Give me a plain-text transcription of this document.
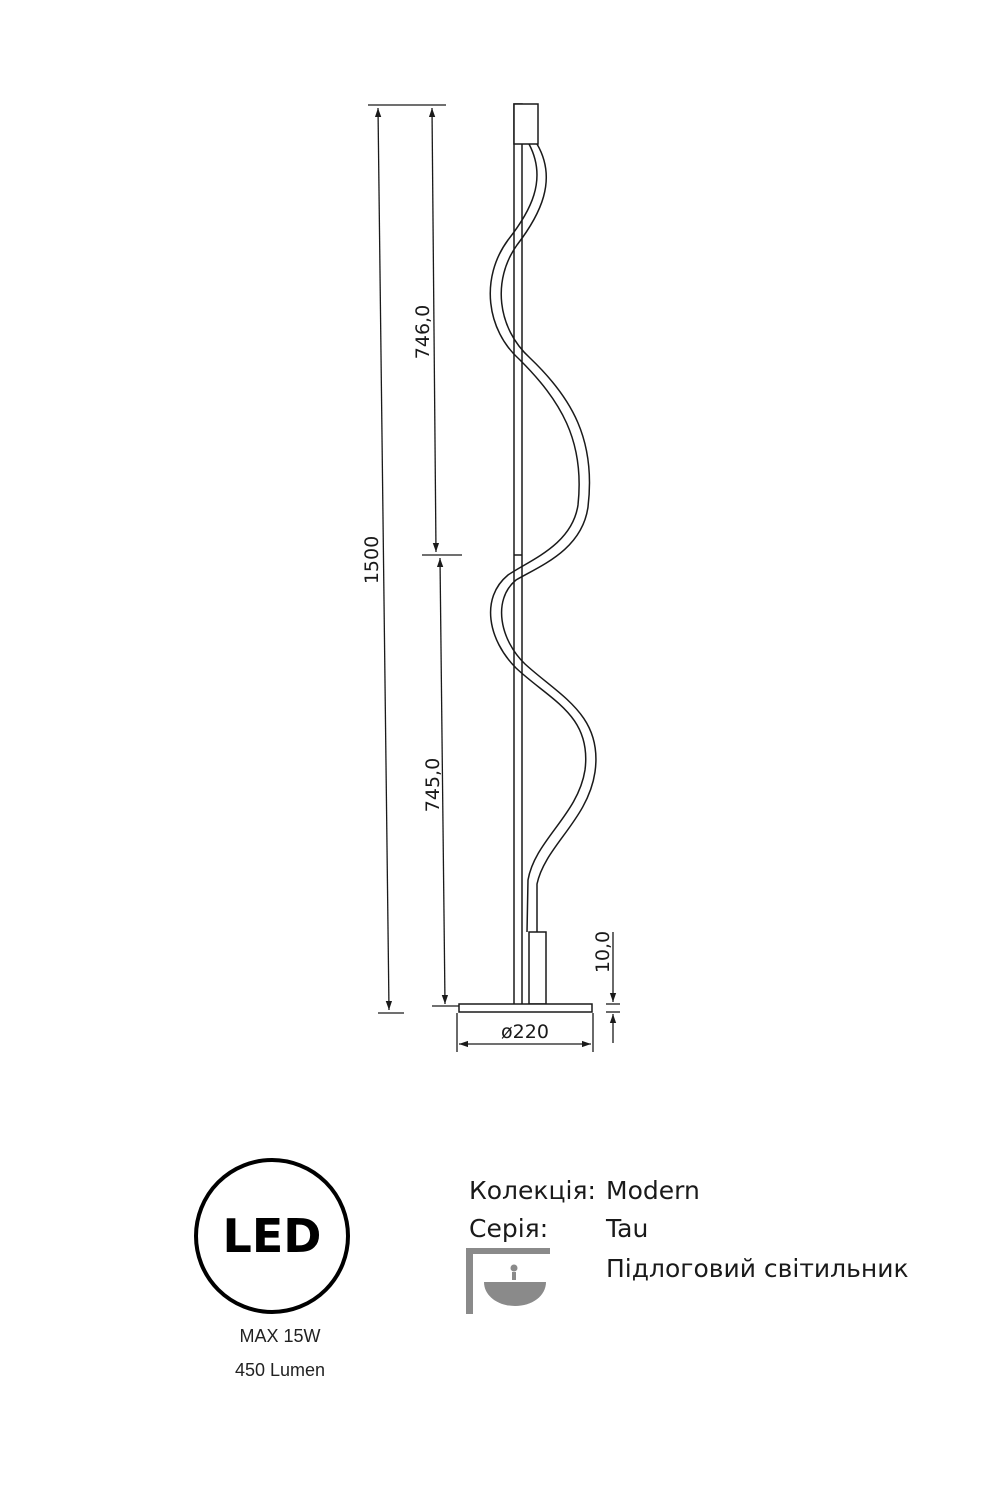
1500
746,0
745,0
10,0
ø220
LED
MAX 15W
450 Lumen
Колекція: Modern
Серія: Tau
Підлоговий світильник
